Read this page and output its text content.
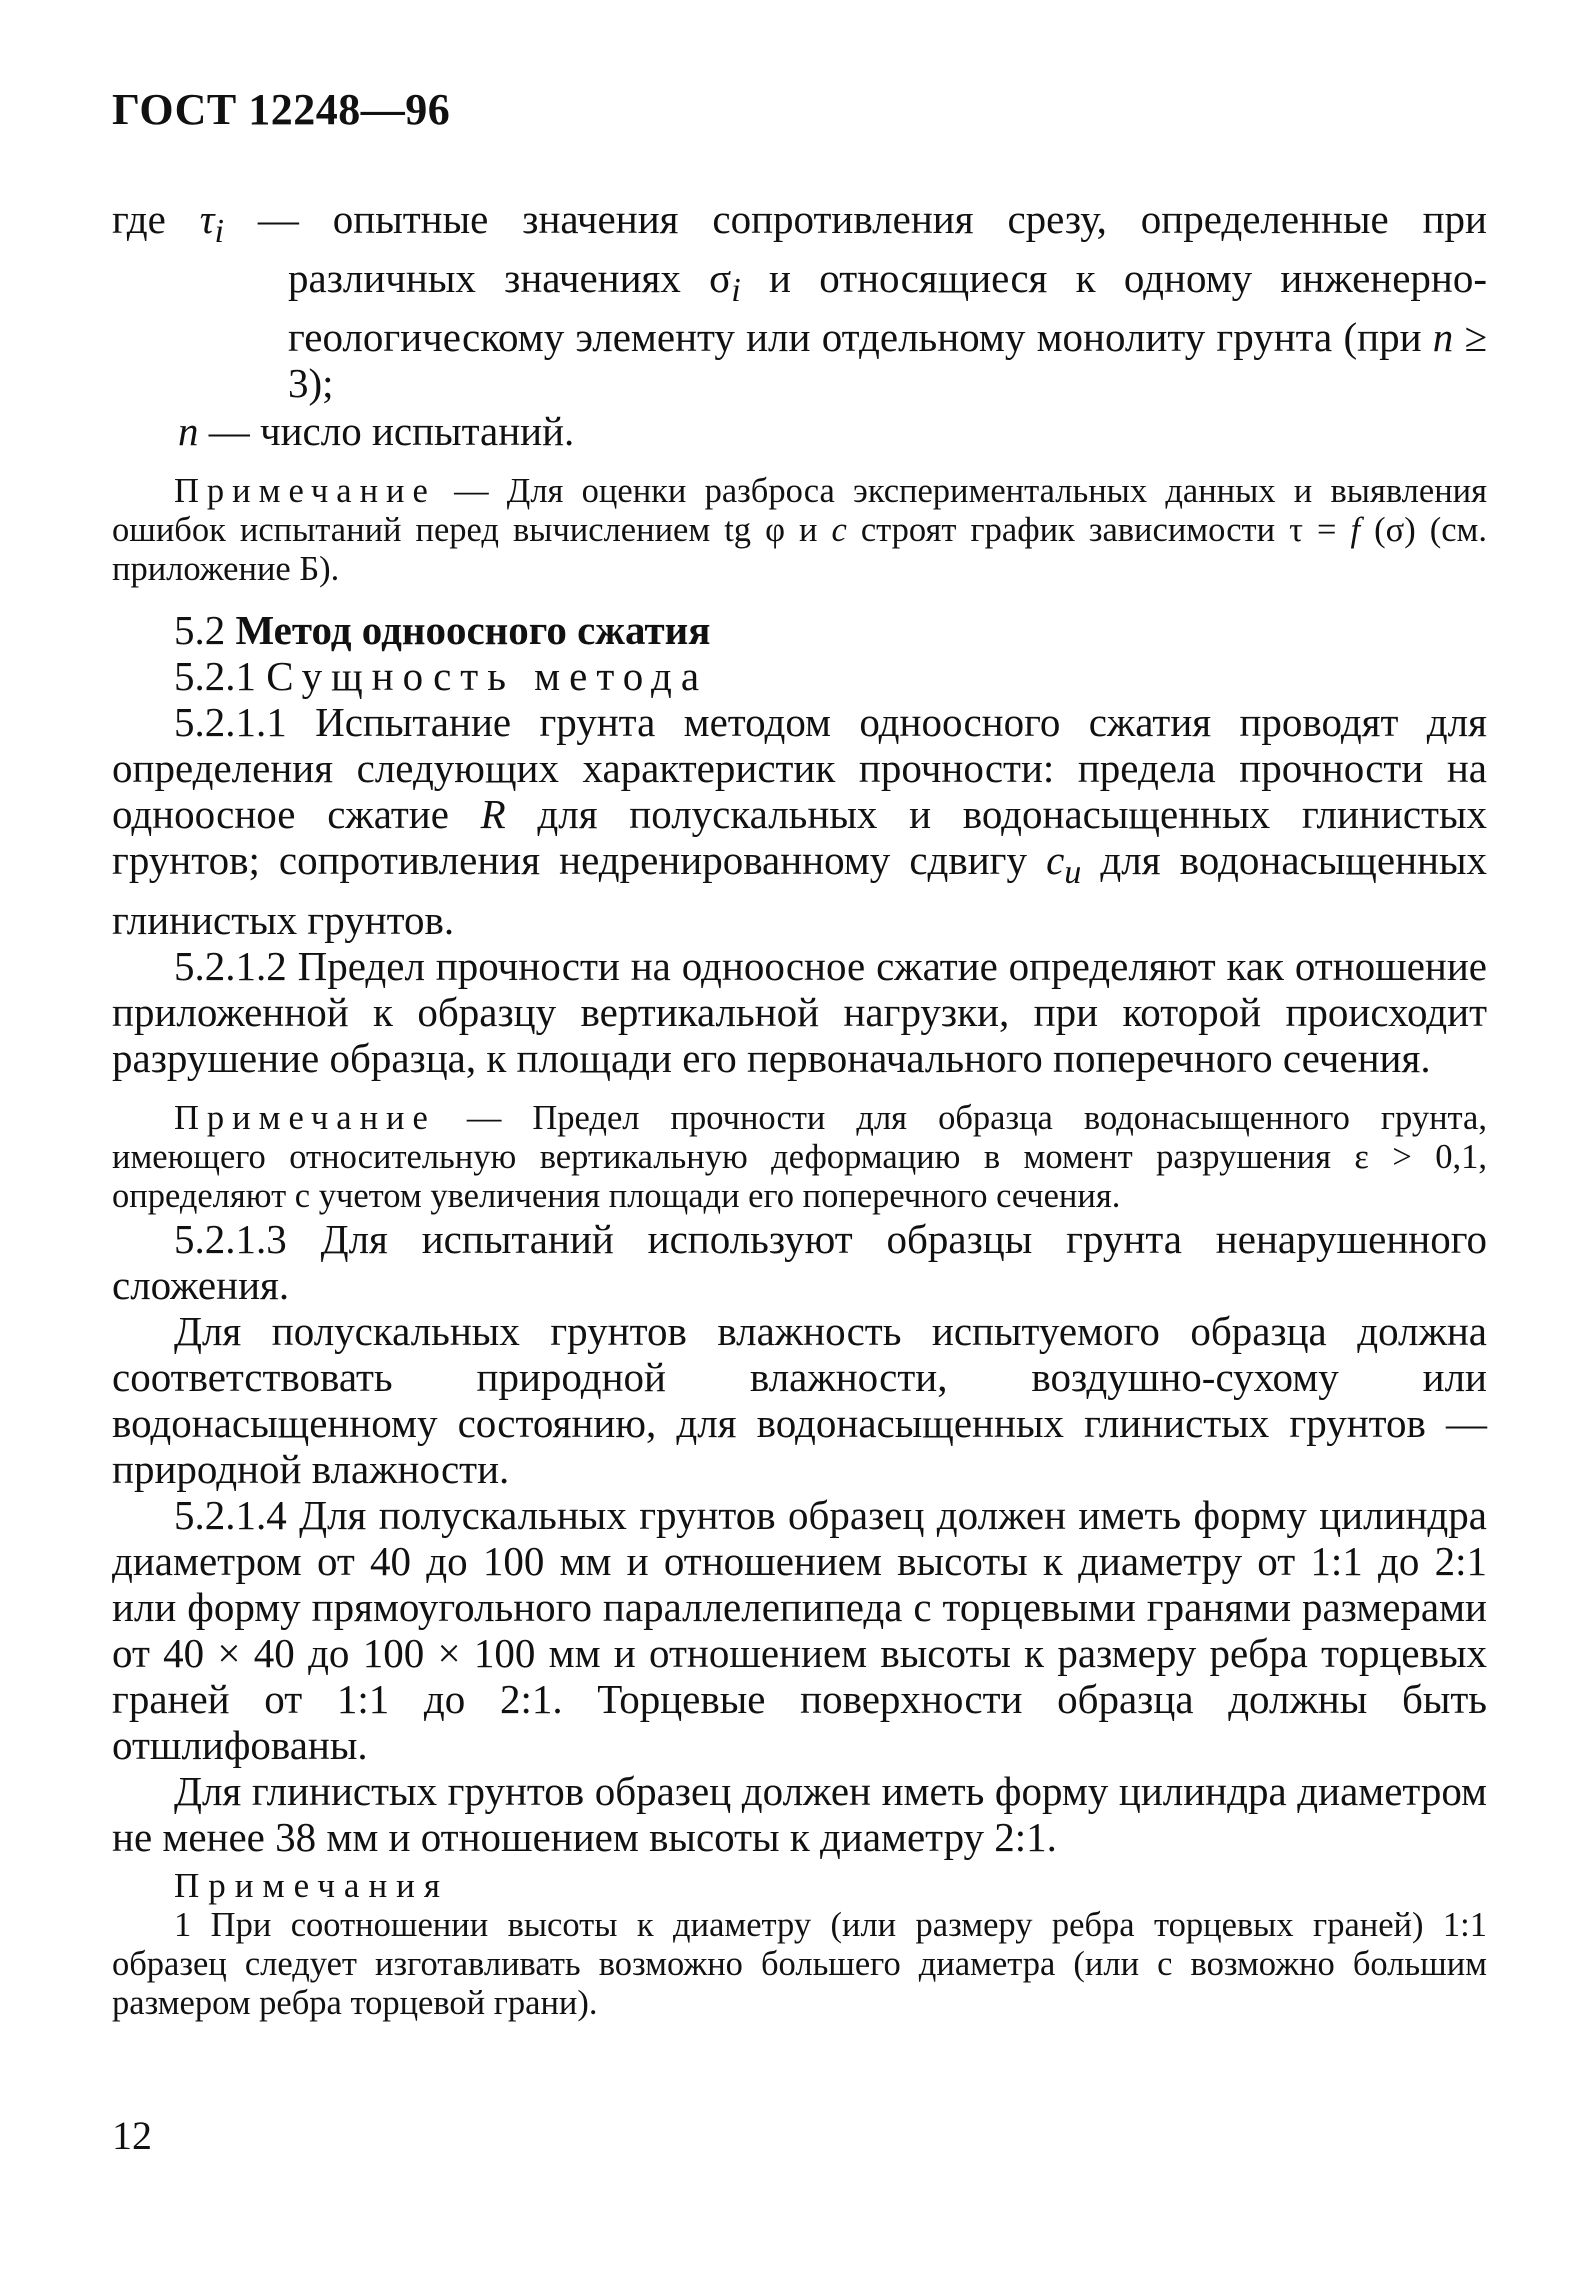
ГОСТ 12248—96
где $\tau_i$ — опытные значения сопротивления срезу, определенные при различных значениях $\sigma_i$ и относящиеся к одному инженерно-геологическому элементу или отдельному монолиту грунта (при n ≥ 3);
n — число испытаний.
Примечание — Для оценки разброса экспериментальных данных и выявления ошибок испытаний перед вычислением tg φ и c строят график зависимости τ = f (σ) (см. приложение Б).
5.2 Метод одноосного сжатия
5.2.1 Сущность метода

5.2.1.1 Испытание грунта методом одноосного сжатия проводят для определения следующих характеристик прочности: предела прочности на одноосное сжатие R для полускальных и водонасыщенных глинистых грунтов; сопротивления недренированному сдвигу $c_u$ для водонасыщенных глинистых грунтов.

5.2.1.2 Предел прочности на одноосное сжатие определяют как отношение приложенной к образцу вертикальной нагрузки, при которой происходит разрушение образца, к площади его первоначального поперечного сечения.

Примечание — Предел прочности для образца водонасыщенного грунта, имеющего относительную вертикальную деформацию в момент разрушения ε > 0,1, определяют с учетом увеличения площади его поперечного сечения.

5.2.1.3 Для испытаний используют образцы грунта ненарушенного сложения.

Для полускальных грунтов влажность испытуемого образца должна соответствовать природной влажности, воздушно-сухому или водонасыщенному состоянию, для водонасыщенных глинистых грунтов — природной влажности.

5.2.1.4 Для полускальных грунтов образец должен иметь форму цилиндра диаметром от 40 до 100 мм и отношением высоты к диаметру от 1:1 до 2:1 или форму прямоугольного параллелепипеда с торцевыми гранями размерами от 40 × 40 до 100 × 100 мм и отношением высоты к размеру ребра торцевых граней от 1:1 до 2:1. Торцевые поверхности образца должны быть отшлифованы.

Для глинистых грунтов образец должен иметь форму цилиндра диаметром не менее 38 мм и отношением высоты к диаметру 2:1.

Примечания

1 При соотношении высоты к диаметру (или размеру ребра торцевых граней) 1:1 образец следует изготавливать возможно большего диаметра (или с возможно большим размером ребра торцевой грани).

12
